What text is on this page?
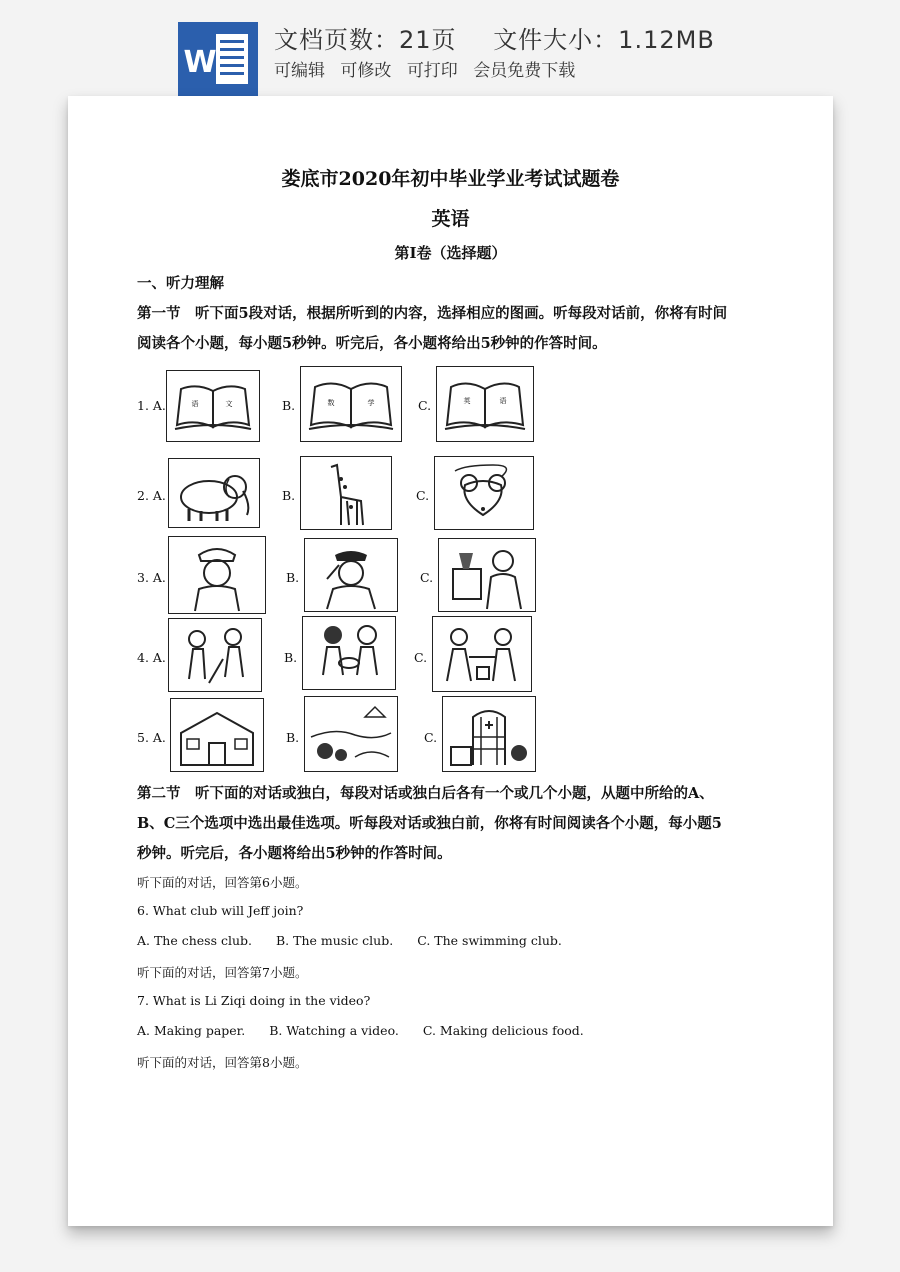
W
文档页数：21页 文件大小：1.12MB
可编辑 可修改 可打印 会员免费下载
娄底市2020年初中毕业学业考试试题卷
英语
第Ⅰ卷（选择题）
一、听力理解
第一节　听下面5段对话，根据所听到的内容，选择相应的图画。听每段对话前，你将有时间
阅读各个小题，每小题5秒钟。听完后，各小题将给出5秒钟的作答时间。
1. A.	语	文	B.	数	学	C.	英	语
2. A.	B.	C.
3. A.	B.	C.
4. A.	B.	C.
5. A.	B.	C.
第二节　听下面的对话或独白，每段对话或独白后各有一个或几个小题，从题中所给的A、
B、C三个选项中选出最佳选项。听每段对话或独白前，你将有时间阅读各个小题，每小题5
秒钟。听完后，各小题将给出5秒钟的作答时间。
听下面的对话，回答第6小题。
6. What club will Jeff join?
A. The chess club. B. The music club. C. The swimming club.
听下面的对话，回答第7小题。
7. What is Li Ziqi doing in the video?
A. Making paper. B. Watching a video. C. Making delicious food.
听下面的对话，回答第8小题。
